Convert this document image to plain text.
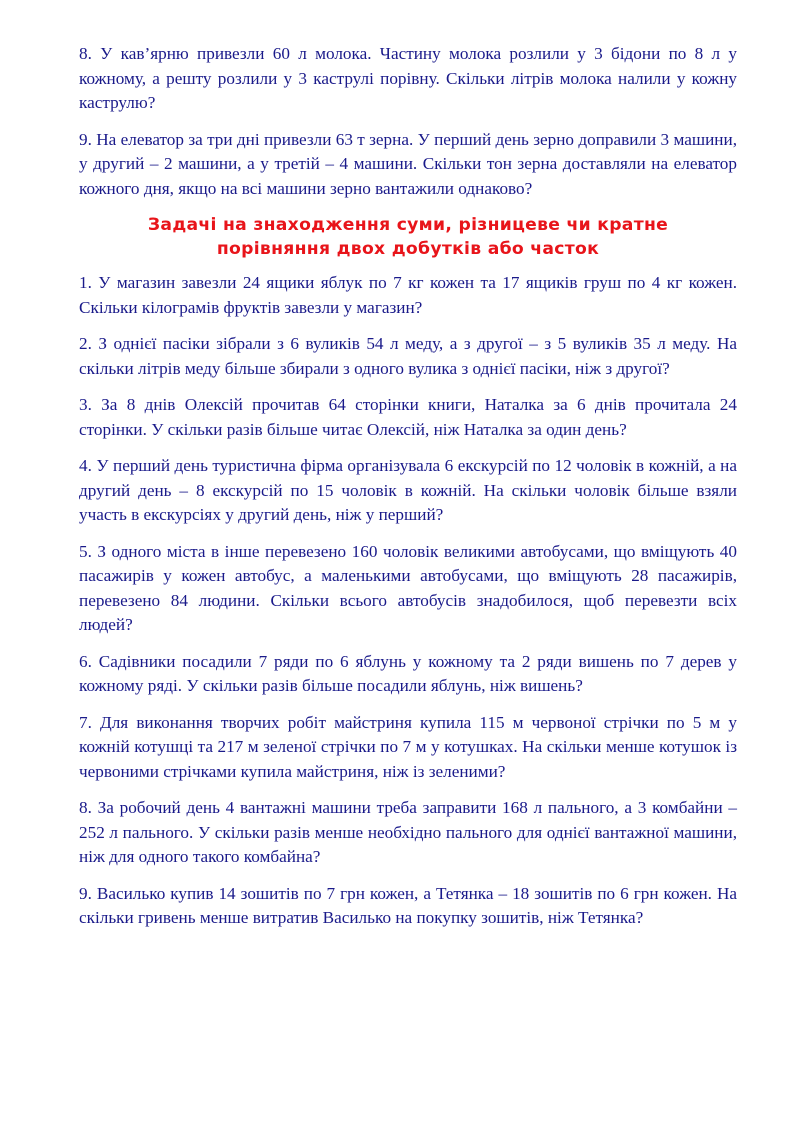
8. У кав’ярню привезли 60 л молока. Частину молока розлили у 3 бідони по 8 л у кожному, а решту розлили у 3 каструлі порівну. Скільки літрів молока налили у кожну каструлю?

9. На елеватор за три дні привезли 63 т зерна. У перший день зерно доправили 3 машини, у другий – 2 машини, а у третій – 4 машини. Скільки тон зерна доставляли на елеватор кожного дня, якщо на всі машини зерно вантажили однаково?

Задачі на знаходження суми, різницеве чи кратне
порівняння двох добутків або часток

1. У магазин завезли 24 ящики яблук по 7 кг кожен та 17 ящиків груш по 4 кг кожен. Скільки кілограмів фруктів завезли у магазин?

2. З однієї пасіки зібрали з 6 вуликів 54 л меду, а з другої – з 5 вуликів 35 л меду. На скільки літрів меду більше збирали з одного вулика з однієї пасіки, ніж з другої?

3. За 8 днів Олексій прочитав 64 сторінки книги, Наталка за 6 днів прочитала 24 сторінки. У скільки разів більше читає Олексій, ніж Наталка за один день?

4. У перший день туристична фірма організувала 6 екскурсій по 12 чоловік в кожній, а на другий день – 8 екскурсій по 15 чоловік в кожній. На скільки чоловік більше взяли участь в екскурсіях у другий день, ніж у перший?

5. З одного міста в інше перевезено 160 чоловік великими автобусами, що вміщують 40 пасажирів у кожен автобус, а маленькими автобусами, що вміщують 28 пасажирів, перевезено 84 людини. Скільки всього автобусів знадобилося, щоб перевезти всіх людей?

6. Садівники посадили 7 ряди по 6 яблунь у кожному та 2 ряди вишень по 7 дерев у кожному ряді. У скільки разів більше посадили яблунь, ніж вишень?

7. Для виконання творчих робіт майстриня купила 115 м червоної стрічки по 5 м у кожній котушці та 217 м зеленої стрічки по 7 м у котушках. На скільки менше котушок із червоними стрічками купила майстриня, ніж із зеленими?

8. За робочий день 4 вантажні машини треба заправити 168 л пального, а 3 комбайни – 252 л пального. У скільки разів менше необхідно пального для однієї вантажної машини, ніж для одного такого комбайна?

9. Василько купив 14 зошитів по 7 грн кожен, а Тетянка – 18 зошитів по 6 грн кожен. На скільки гривень менше витратив Василько на покупку зошитів, ніж Тетянка?
